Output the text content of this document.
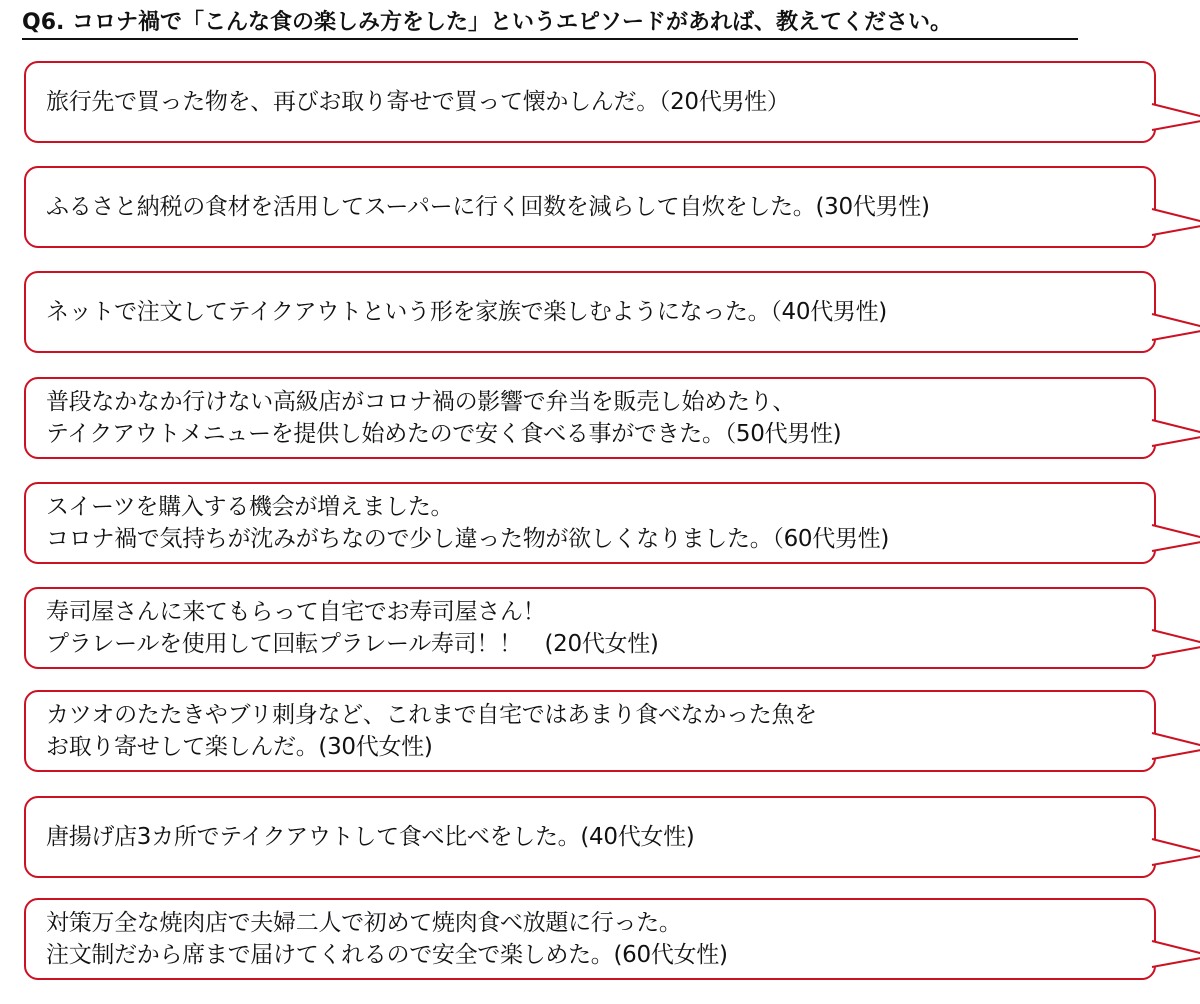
Q6. コロナ禍で「こんな食の楽しみ方をした」というエピソードがあれば、教えてください。
旅行先で買った物を、再びお取り寄せで買って懐かしんだ。（20代男性）
ふるさと納税の食材を活用してスーパーに行く回数を減らして自炊をした。(30代男性)
ネットで注文してテイクアウトという形を家族で楽しむようになった。（40代男性)
普段なかなか行けない高級店がコロナ禍の影響で弁当を販売し始めたり、
テイクアウトメニューを提供し始めたので安く食べる事ができた。（50代男性)
スイーツを購入する機会が増えました。
コロナ禍で気持ちが沈みがちなので少し違った物が欲しくなりました。（60代男性)
寿司屋さんに来てもらって自宅でお寿司屋さん！
プラレールを使用して回転プラレール寿司！！　(20代女性)
カツオのたたきやブリ刺身など、これまで自宅ではあまり食べなかった魚を
お取り寄せして楽しんだ。(30代女性)
唐揚げ店3カ所でテイクアウトして食べ比べをした。(40代女性)
対策万全な焼肉店で夫婦二人で初めて焼肉食べ放題に行った。
注文制だから席まで届けてくれるので安全で楽しめた。(60代女性)
